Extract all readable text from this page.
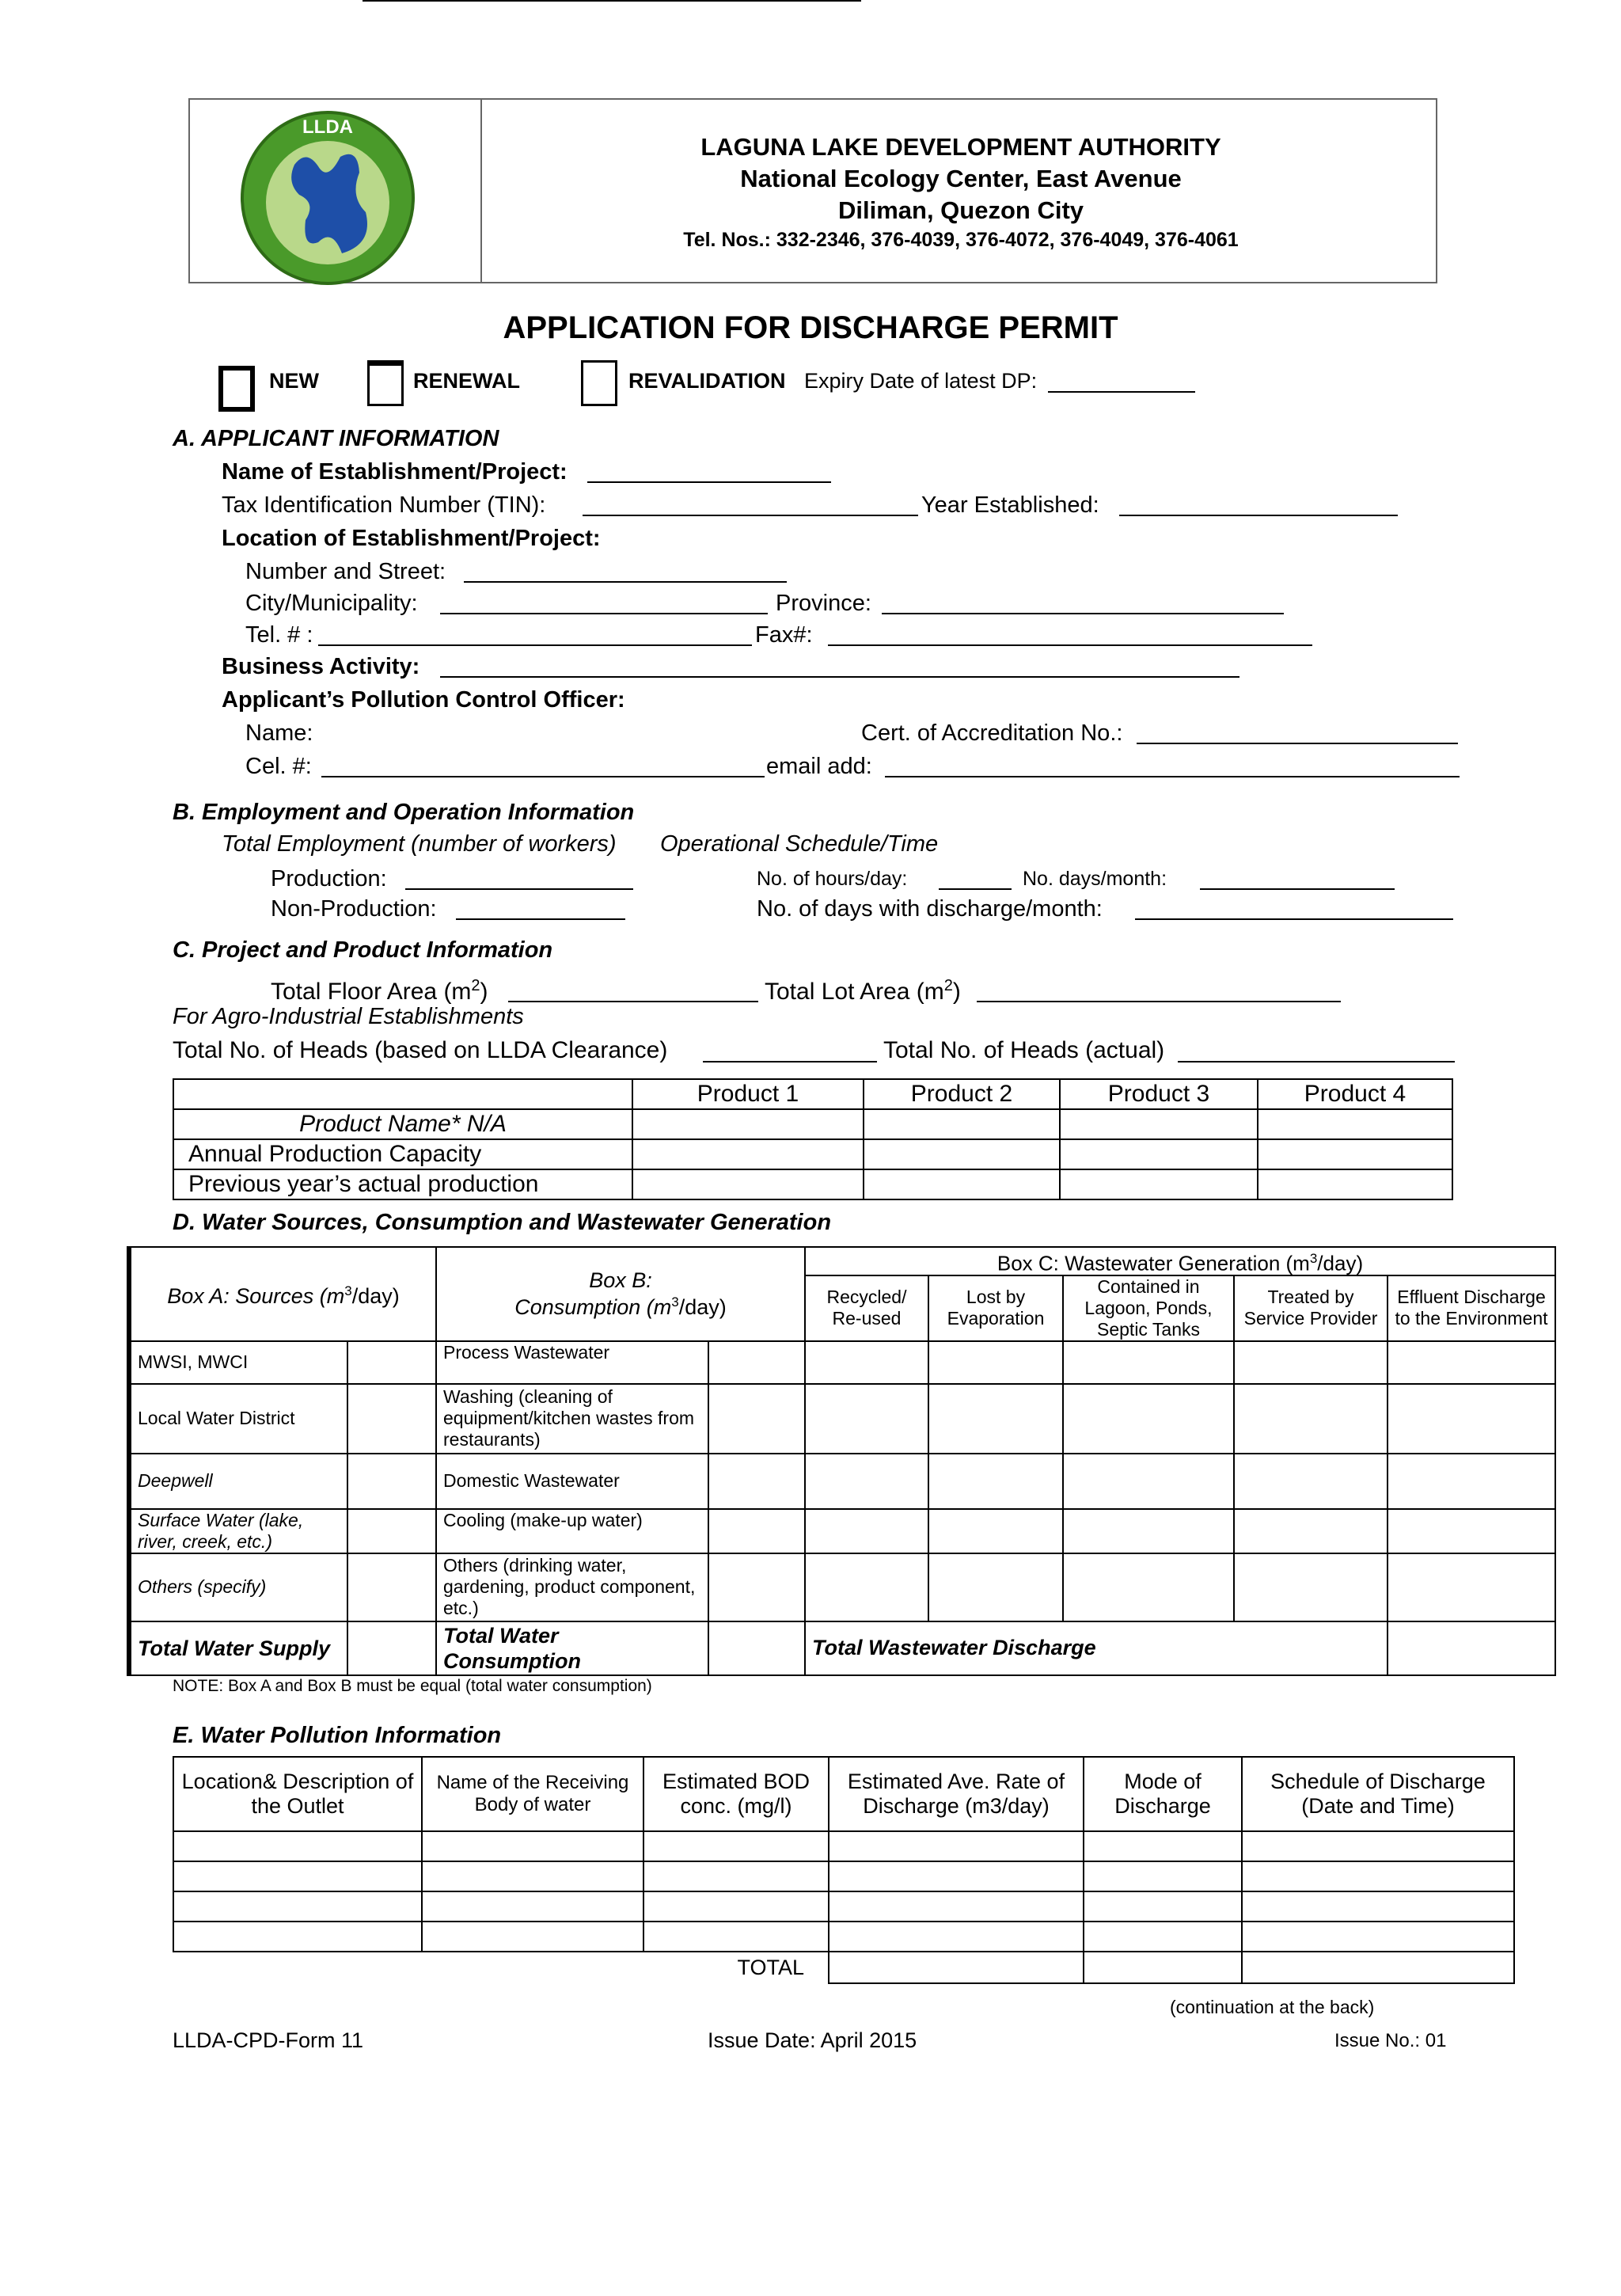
LLDA
LAGUNA LAKE DEVELOPMENT AUTHORITY
National Ecology Center, East Avenue
Diliman, Quezon City
Tel. Nos.: 332-2346, 376-4039, 376-4072, 376-4049, 376-4061
APPLICATION FOR DISCHARGE PERMIT
NEW	RENEWAL	REVALIDATION Expiry Date of latest DP:
A. APPLICANT INFORMATION
Name of Establishment/Project:
Tax Identification Number (TIN):	Year Established:
Location of Establishment/Project:
Number and Street:
City/Municipality:	Province:
Tel. # :	Fax#:
Business Activity:
Applicant’s Pollution Control Officer:
Name:	Cert. of Accreditation No.:
Cel. #:	email add:
B. Employment and Operation Information
Total Employment (number of workers) Operational Schedule/Time
Production:	No. of hours/day:	No. days/month:
Non-Production:	No. of days with discharge/month:
C. Project and Product Information
Total Floor Area $(m^2)$	Total Lot Area $(m^2)$
For Agro-Industrial Establishments
Total No. of Heads (based on LLDA Clearance)	Total No. of Heads (actual)
	Product 1	Product 2	Product 3	Product 4
Product Name* N/A				
Annual Production Capacity				
Previous year’s actual production				
D. Water Sources, Consumption and Wastewater Generation
Box A: Sources $(m^3/day)$		Box B:
Consumption $(m^3/day)$		Box C: Wastewater Generation $(m^3/day)$				
				Recycled/ Re-used	Lost by Evaporation	Contained in Lagoon, Ponds, Septic Tanks	Treated by Service Provider	Effluent Discharge to the Environment
MWSI, MWCI		Process Wastewater						
Local Water District		Washing (cleaning of equipment/kitchen wastes from restaurants)						
Deepwell		Domestic Wastewater						
Surface Water (lake, river, creek, etc.)		Cooling (make-up water)						
Others (specify)		Others (drinking water, gardening, product component, etc.)						
Total Water Supply		Total Water Consumption		Total Wastewater Discharge				
NOTE: Box A and Box B must be equal (total water consumption)
E. Water Pollution Information
Location& Description of the Outlet	Name of the Receiving Body of water	Estimated BOD conc. (mg/l)	Estimated Ave. Rate of Discharge (m3/day)	Mode of Discharge	Schedule of Discharge (Date and Time)

TOTAL					
(continuation at the back)
LLDA-CPD-Form 11	Issue Date: April 2015	Issue No.: 01
